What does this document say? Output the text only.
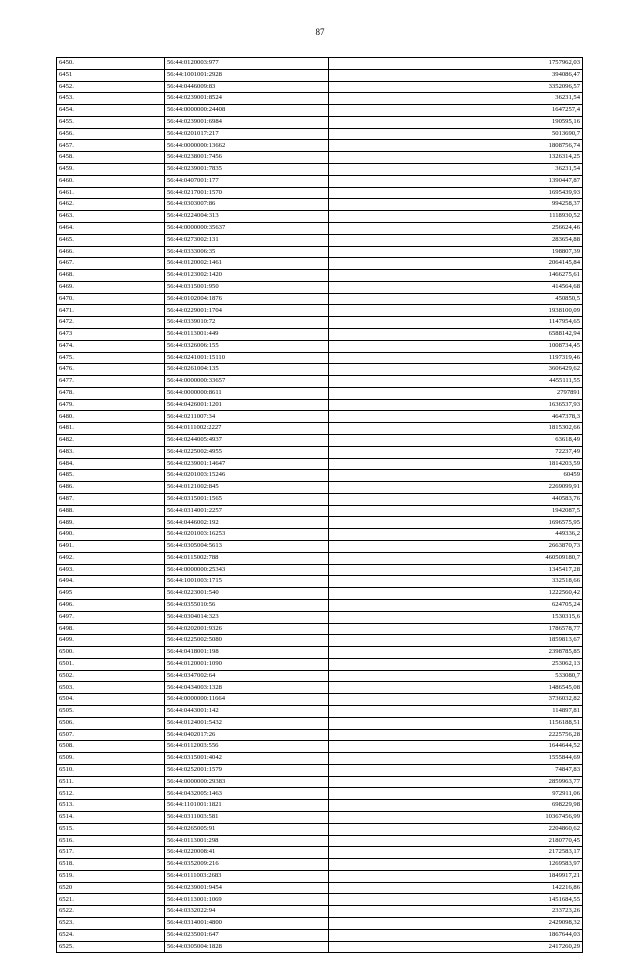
87
6450.	56:44:0120003:977	1757962,03
6451	56:44:1001001:2928	394086,47
6452.	56:44:0446009:83	3352096,57
6453.	56:44:0239001:8524	36231,54
6454.	56:44:0000000:24408	1647257,4
6455.	56:44:0239001:6984	190595,16
6456.	56:44:0201017:217	5013690,7
6457.	56:44:0000000:13662	1808756,74
6458.	56:44:0238001:7456	1326314,25
6459.	56:44:0239001:7835	36231,54
6460.	56:44:0407001:177	1390447,87
6461.	56:44:0217001:1570	1695439,93
6462.	56:44:0303007:86	994258,37
6463.	56:44:0224004:313	1118930,52
6464.	56:44:0000000:35637	256624,46
6465.	56:44:0273002:131	283654,88
6466.	56:44:0333006:35	198807,39
6467.	56:44:0120002:1461	2064145,84
6468.	56:44:0123002:1420	1466275,61
6469.	56:44:0315001:950	414564,68
6470.	56:44:0102004:1876	450850,5
6471.	56:44:0229001:1704	1938100,09
6472.	56:44:0339010:72	1147954,65
6473	56:44:0113001:449	6588142,94
6474.	56:44:0326006:155	1008734,45
6475.	56:44:0241001:15110	1197319,46
6476.	56:44:0261004:135	3606429,62
6477.	56:44:0000000:33657	4455111,55
6478.	56:44:0000000:8611	2797891
6479.	56:44:0426001:1201	1636537,93
6480.	56:44:0211007:34	4647378,3
6481.	56:44:0111002:2227	1815302,66
6482.	56:44:0244005:4937	63618,49
6483.	56:44:0225002:4955	72237,49
6484.	56:44:0239001:14647	1814203,59
6485.	56:44:0201003:15246	60459
6486.	56:44:0121002:845	2269099,91
6487.	56:44:0315001:1565	440583,76
6488.	56:44:0314001:2257	1942087,5
6489.	56:44:0446002:192	1696575,95
6490.	56:44:0201003:16253	449336,2
6491.	56:44:0305004:5613	2663870,73
6492.	56:44:0115002:788	460509180,7
6493.	56:44:0000000:25343	1345417,28
6494.	56:44:1001003:1715	332518,66
6495	56:44:0223001:540	1222560,42
6496.	56:44:0355010:56	624705,24
6497.	56:44:0304014:323	1530315,6
6498.	56:44:0202001:9326	1786578,77
6499.	56:44:0225002:5080	1859813,67
6500.	56:44:0418001:198	2398785,85
6501.	56:44:0120001:1090	253062,13
6502.	56:44:0347002:64	533080,7
6503.	56:44:0434003:1328	1486545,08
6504.	56:44:0000000:11664	3736032,82
6505.	56:44:0443001:142	114897,81
6506.	56:44:0124001:5432	1156188,51
6507.	56:44:0402017:26	2225756,28
6508.	56:44:0112003:556	1644644,52
6509.	56:44:0315001:4042	1555844,69
6510.	56:44:0252001:1579	74847,83
6511.	56:44:0000000:29383	2859963,77
6512.	56:44:0432005:1463	972911,06
6513.	56:44:1101001:1821	698229,98
6514.	56:44:0311003:581	10367456,99
6515.	56:44:0265005:91	2204860,62
6516.	56:44:0113001:298	2180770,45
6517.	56:44:0220008:41	2172583,17
6518.	56:44:0352009:216	1269583,97
6519.	56:44:0111003:2683	1849917,21
6520	56:44:0239001:9454	142216,86
6521.	56:44:0113001:1069	1451684,55
6522.	56:44:0332022:94	233723,26
6523.	56:44:0314001:4800	2429098,32
6524.	56:44:0235001:647	1867644,03
6525.	56:44:0305004:1828	2417260,29
